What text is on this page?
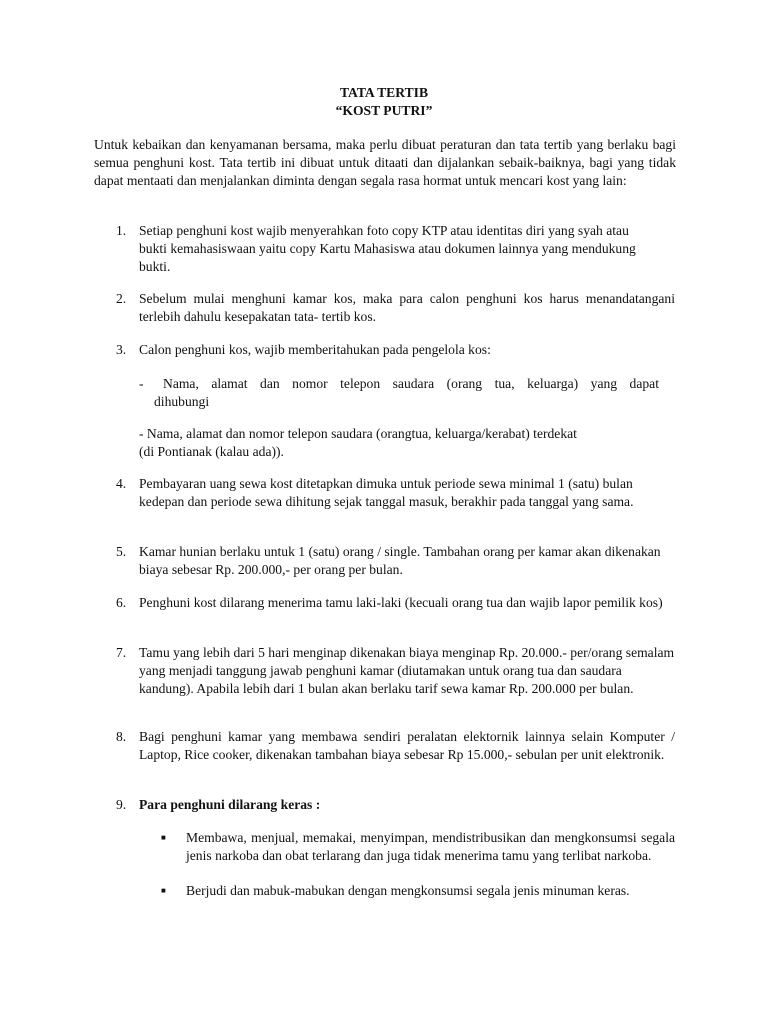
TATA TERTIB
“KOST PUTRI”
Untuk kebaikan dan kenyamanan bersama, maka perlu dibuat peraturan dan tata tertib yang berlaku bagi semua penghuni kost. Tata tertib ini dibuat untuk ditaati dan dijalankan sebaik-baiknya, bagi yang tidak dapat mentaati dan menjalankan diminta dengan segala rasa hormat untuk mencari kost yang lain:
1. Setiap penghuni kost wajib menyerahkan foto copy KTP atau identitas diri yang syah atau bukti kemahasiswaan yaitu copy Kartu Mahasiswa atau dokumen lainnya yang mendukung bukti.
2. Sebelum mulai menghuni kamar kos, maka para calon penghuni kos harus menandatangani terlebih dahulu kesepakatan tata- tertib kos.
3. Calon penghuni kos, wajib memberitahukan pada pengelola kos:
- Nama, alamat dan nomor telepon saudara (orang tua, keluarga) yang dapat
dihubungi
- Nama, alamat dan nomor telepon saudara (orangtua, keluarga/kerabat) terdekat
(di Pontianak (kalau ada)).
4. Pembayaran uang sewa kost ditetapkan dimuka untuk periode sewa minimal 1 (satu) bulan kedepan dan periode sewa dihitung sejak tanggal masuk, berakhir pada tanggal yang sama.
5. Kamar hunian berlaku untuk 1 (satu) orang / single. Tambahan orang per kamar akan dikenakan biaya sebesar Rp. 200.000,- per orang per bulan.
6. Penghuni kost dilarang menerima tamu laki-laki (kecuali orang tua dan wajib lapor pemilik kos)
7. Tamu yang lebih dari 5 hari menginap dikenakan biaya menginap Rp. 20.000.- per/orang semalam yang menjadi tanggung jawab penghuni kamar (diutamakan untuk orang tua dan saudara kandung). Apabila lebih dari 1 bulan akan berlaku tarif sewa kamar Rp. 200.000 per bulan.
8. Bagi penghuni kamar yang membawa sendiri peralatan elektornik lainnya selain Komputer / Laptop, Rice cooker, dikenakan tambahan biaya sebesar Rp 15.000,- sebulan per unit elektronik.
9. Para penghuni dilarang keras :
■ Membawa, menjual, memakai, menyimpan, mendistribusikan dan mengkonsumsi segala jenis narkoba dan obat terlarang dan juga tidak menerima tamu yang terlibat narkoba.
■ Berjudi dan mabuk-mabukan dengan mengkonsumsi segala jenis minuman keras.
